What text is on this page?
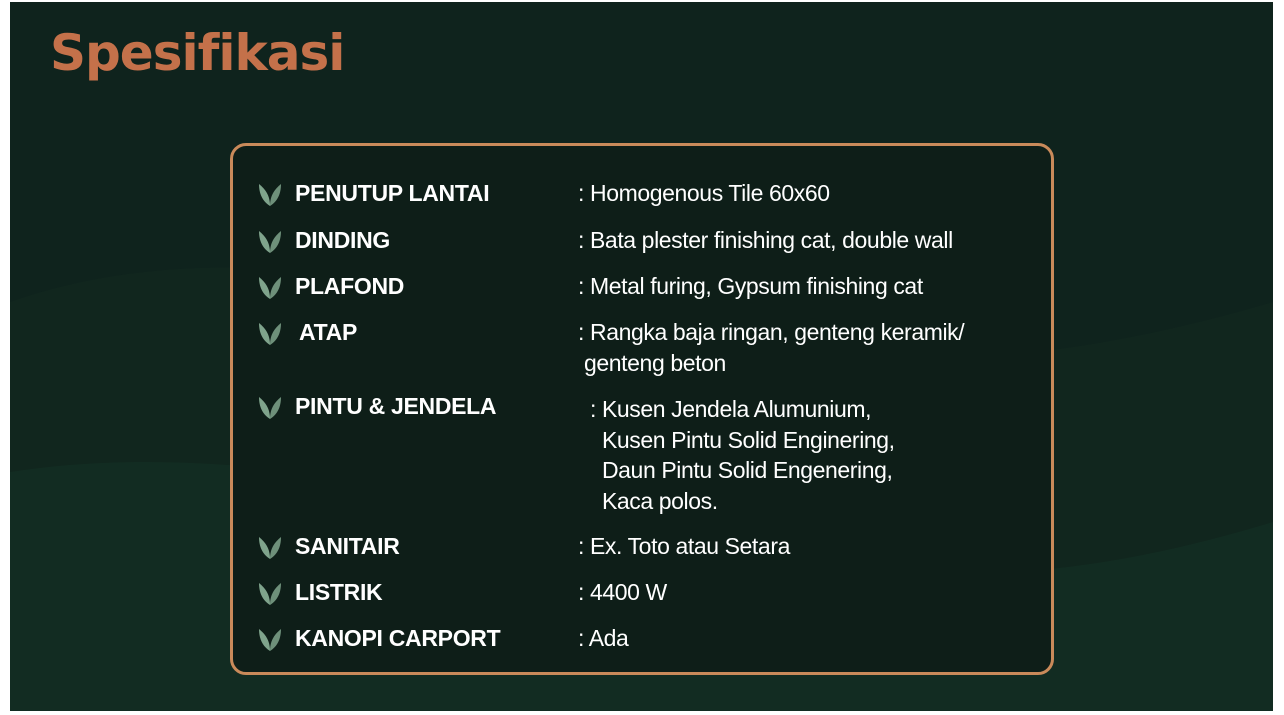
Spesifikasi
PENUTUP LANTAI	: Homogenous Tile 60x60
DINDING	: Bata plester finishing cat, double wall
PLAFOND	: Metal furing, Gypsum finishing cat
ATAP	: Rangka baja ringan, genteng keramik/
genteng beton
PINTU & JENDELA	: Kusen Jendela Alumunium,
Kusen Pintu Solid Enginering,
Daun Pintu Solid Engenering,
Kaca polos.
SANITAIR	: Ex. Toto atau Setara
LISTRIK	: 4400 W
KANOPI CARPORT	: Ada
